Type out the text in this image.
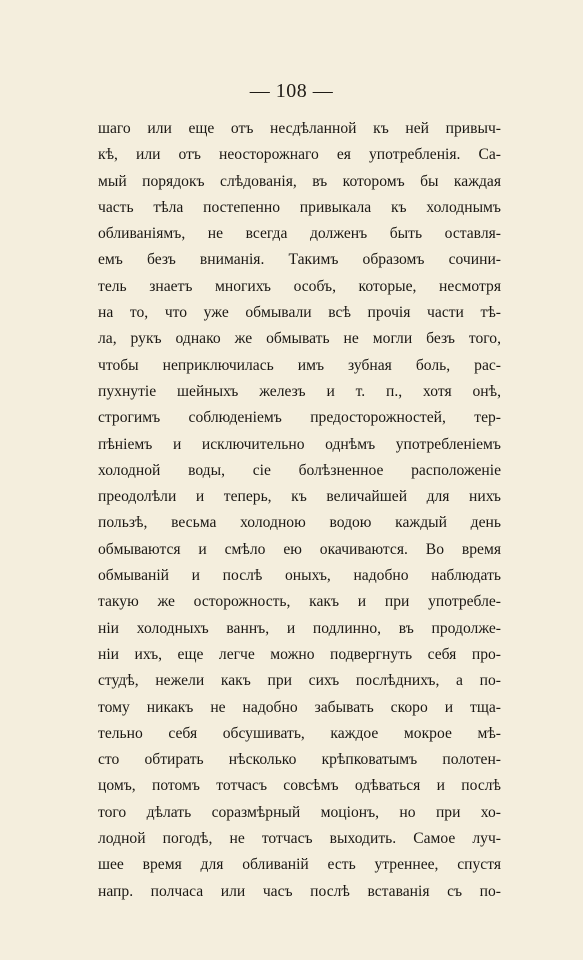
— 108 —
шаго или еще отъ несдѣланной къ ней привыч-
кѣ, или отъ неосторожнаго ея употребленія. Са-
мый порядокъ слѣдованія, въ которомъ бы каждая
часть тѣла постепенно привыкала къ холоднымъ
обливаніямъ, не всегда долженъ быть оставля-
емъ безъ вниманія. Такимъ образомъ сочини-
тель знаетъ многихъ особъ, которые, несмотря
на то, что уже обмывали всѣ прочія части тѣ-
ла, рукъ однако же обмывать не могли безъ того,
чтобы неприключилась имъ зубная боль, рас-
пухнутіе шейныхъ железъ и т. п., хотя онѣ,
строгимъ соблюденіемъ предосторожностей, тер-
пѣніемъ и исключительно однѣмъ употребленіемъ
холодной воды, сіе болѣзненное расположеніе
преодолѣли и теперь, къ величайшей для нихъ
пользѣ, весьма холодною водою каждый день
обмываются и смѣло ею окачиваются. Во время
обмываній и послѣ оныхъ, надобно наблюдать
такую же осторожность, какъ и при употребле-
ніи холодныхъ ваннъ, и подлинно, въ продолже-
ніи ихъ, еще легче можно подвергнуть себя про-
студѣ, нежели какъ при сихъ послѣднихъ, а по-
тому никакъ не надобно забывать скоро и тща-
тельно себя обсушивать, каждое мокрое мѣ-
сто обтирать нѣсколько крѣпковатымъ полотен-
цомъ, потомъ тотчасъ совсѣмъ одѣваться и послѣ
того дѣлать соразмѣрный моціонъ, но при хо-
лодной погодѣ, не тотчасъ выходить. Самое луч-
шее время для обливаній есть утреннее, спустя
напр. полчаса или часъ послѣ вставанія съ по-
